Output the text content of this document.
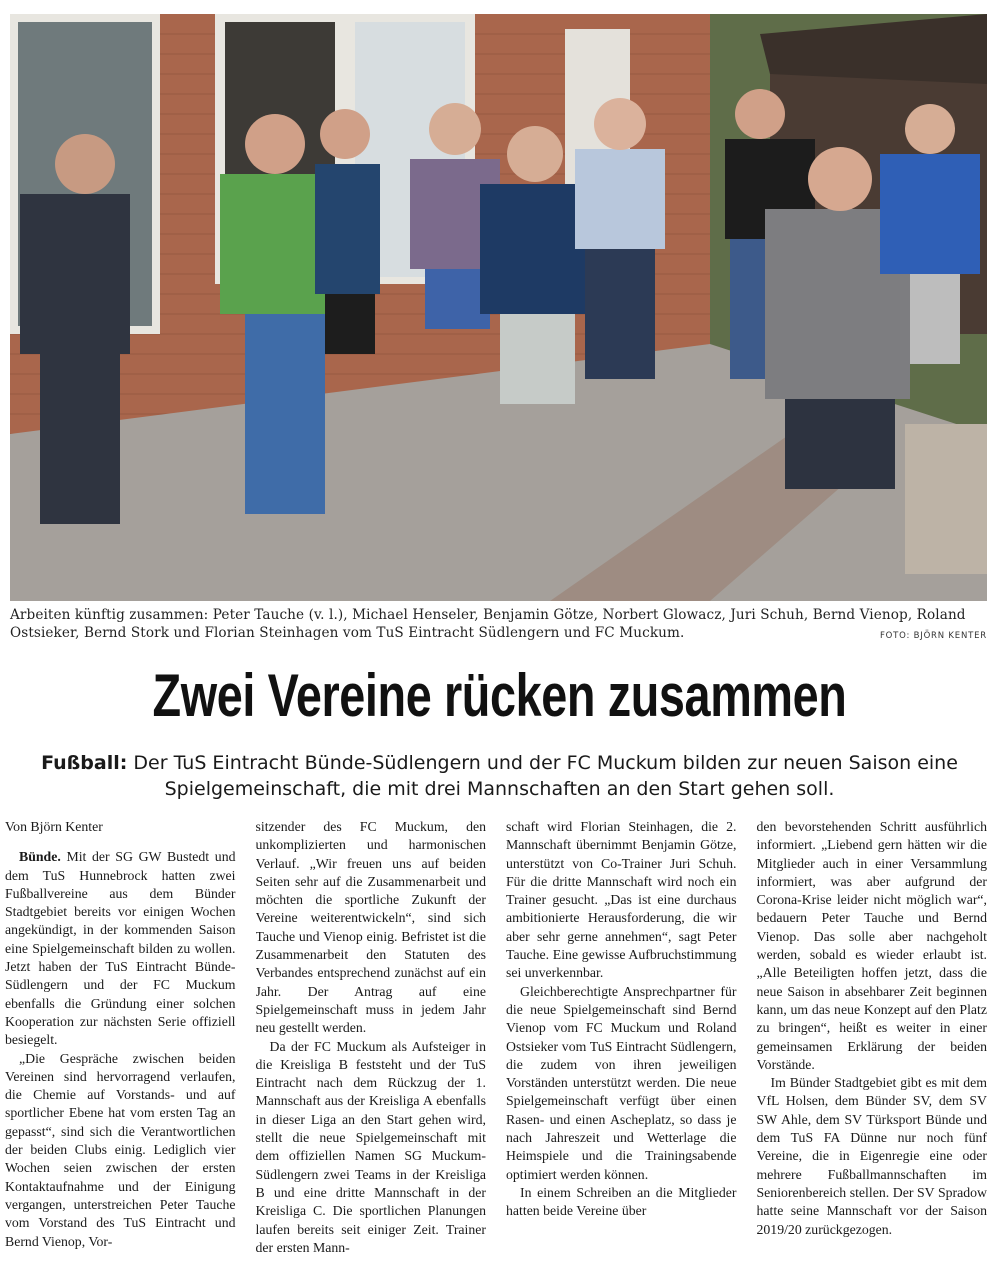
Arbeiten künftig zusammen: Peter Tauche (v. l.), Michael Henseler, Benjamin Götze, Norbert Glowacz, Juri Schuh, Bernd Vienop, Roland Ostsieker, Bernd Stork und Florian Steinhagen vom TuS Eintracht Südlengern und FC Muckum.	FOTO: BJÖRN KENTER
Zwei Vereine rücken zusammen
Fußball: Der TuS Eintracht Bünde-Südlengern und der FC Muckum bilden zur neuen Saison eine Spielgemeinschaft, die mit drei Mannschaften an den Start gehen soll.

Von Björn Kenter

Bünde. Mit der SG GW Bustedt und dem TuS Hunnebrock hatten zwei Fußballvereine aus dem Bünder Stadtgebiet bereits vor einigen Wochen angekündigt, in der kommenden Saison eine Spielgemeinschaft bilden zu wollen. Jetzt haben der TuS Eintracht Bünde-Südlengern und der FC Muckum ebenfalls die Gründung einer solchen Kooperation zur nächsten Serie offiziell besiegelt.

„Die Gespräche zwischen beiden Vereinen sind hervorragend verlaufen, die Chemie auf Vorstands- und auf sportlicher Ebene hat vom ersten Tag an gepasst“, sind sich die Verantwortlichen der beiden Clubs einig. Lediglich vier Wochen seien zwischen der ersten Kontaktaufnahme und der Einigung vergangen, unterstreichen Peter Tauche vom Vorstand des TuS Eintracht und Bernd Vienop, Vor-

sitzender des FC Muckum, den unkomplizierten und harmonischen Verlauf. „Wir freuen uns auf beiden Seiten sehr auf die Zusammenarbeit und möchten die sportliche Zukunft der Vereine weiterentwickeln“, sind sich Tauche und Vienop einig. Befristet ist die Zusammenarbeit den Statuten des Verbandes entsprechend zunächst auf ein Jahr. Der Antrag auf eine Spielgemeinschaft muss in jedem Jahr neu gestellt werden.

Da der FC Muckum als Aufsteiger in die Kreisliga B feststeht und der TuS Eintracht nach dem Rückzug der 1. Mannschaft aus der Kreisliga A ebenfalls in dieser Liga an den Start gehen wird, stellt die neue Spielgemeinschaft mit dem offiziellen Namen SG Muckum-Südlengern zwei Teams in der Kreisliga B und eine dritte Mannschaft in der Kreisliga C. Die sportlichen Planungen laufen bereits seit einiger Zeit. Trainer der ersten Mann-

schaft wird Florian Steinhagen, die 2. Mannschaft übernimmt Benjamin Götze, unterstützt von Co-Trainer Juri Schuh. Für die dritte Mannschaft wird noch ein Trainer gesucht. „Das ist eine durchaus ambitionierte Herausforderung, die wir aber sehr gerne annehmen“, sagt Peter Tauche. Eine gewisse Aufbruchstimmung sei unverkennbar.

Gleichberechtigte Ansprechpartner für die neue Spielgemeinschaft sind Bernd Vienop vom FC Muckum und Roland Ostsieker vom TuS Eintracht Südlengern, die zudem von ihren jeweiligen Vorständen unterstützt werden. Die neue Spielgemeinschaft verfügt über einen Rasen- und einen Ascheplatz, so dass je nach Jahreszeit und Wetterlage die Heimspiele und die Trainingsabende optimiert werden können.

In einem Schreiben an die Mitglieder hatten beide Vereine über

den bevorstehenden Schritt ausführlich informiert. „Liebend gern hätten wir die Mitglieder auch in einer Versammlung informiert, was aber aufgrund der Corona-Krise leider nicht möglich war“, bedauern Peter Tauche und Bernd Vienop. Das solle aber nachgeholt werden, sobald es wieder erlaubt ist. „Alle Beteiligten hoffen jetzt, dass die neue Saison in absehbarer Zeit beginnen kann, um das neue Konzept auf den Platz zu bringen“, heißt es weiter in einer gemeinsamen Erklärung der beiden Vorstände.

Im Bünder Stadtgebiet gibt es mit dem VfL Holsen, dem Bünder SV, dem SV SW Ahle, dem SV Türksport Bünde und dem TuS FA Dünne nur noch fünf Vereine, die in Eigenregie eine oder mehrere Fußballmannschaften im Seniorenbereich stellen. Der SV Spradow hatte seine Mannschaft vor der Saison 2019/20 zurückgezogen.
